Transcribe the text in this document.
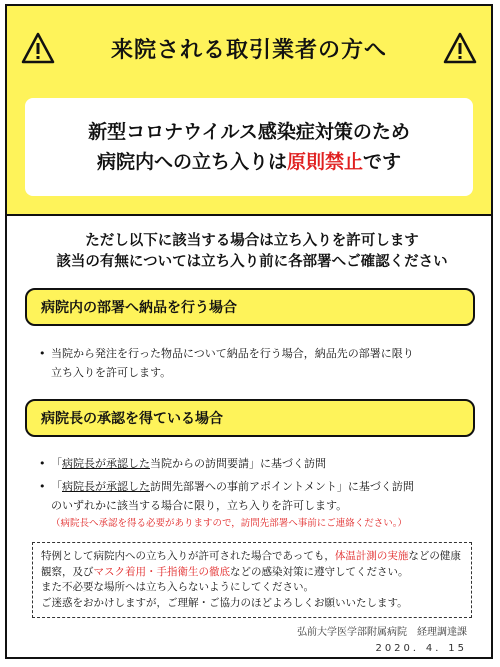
来院される取引業者の方へ
新型コロナウイルス感染症対策のため
病院内への立ち入りは原則禁止です
ただし以下に該当する場合は立ち入りを許可します
該当の有無については立ち入り前に各部署へご確認ください
病院内の部署へ納品を行う場合
• 当院から発注を行った物品について納品を行う場合，納品先の部署に限り
立ち入りを許可します。
病院長の承認を得ている場合
• 「病院長が承認した当院からの訪問要請」に基づく訪問
• 「病院長が承認した訪問先部署への事前アポイントメント」に基づく訪問
のいずれかに該当する場合に限り，立ち入りを許可します。
（病院長へ承認を得る必要がありますので，訪問先部署へ事前にご連絡ください。）
特例として病院内への立ち入りが許可された場合であっても，体温計測の実施などの健康
観察，及びマスク着用・手指衛生の徹底などの感染対策に遵守してください。
また不必要な場所へは立ち入らないようにしてください。
ご迷惑をおかけしますが，ご理解・ご協力のほどよろしくお願いいたします。
弘前大学医学部附属病院　経理調達課
2020．4．15
